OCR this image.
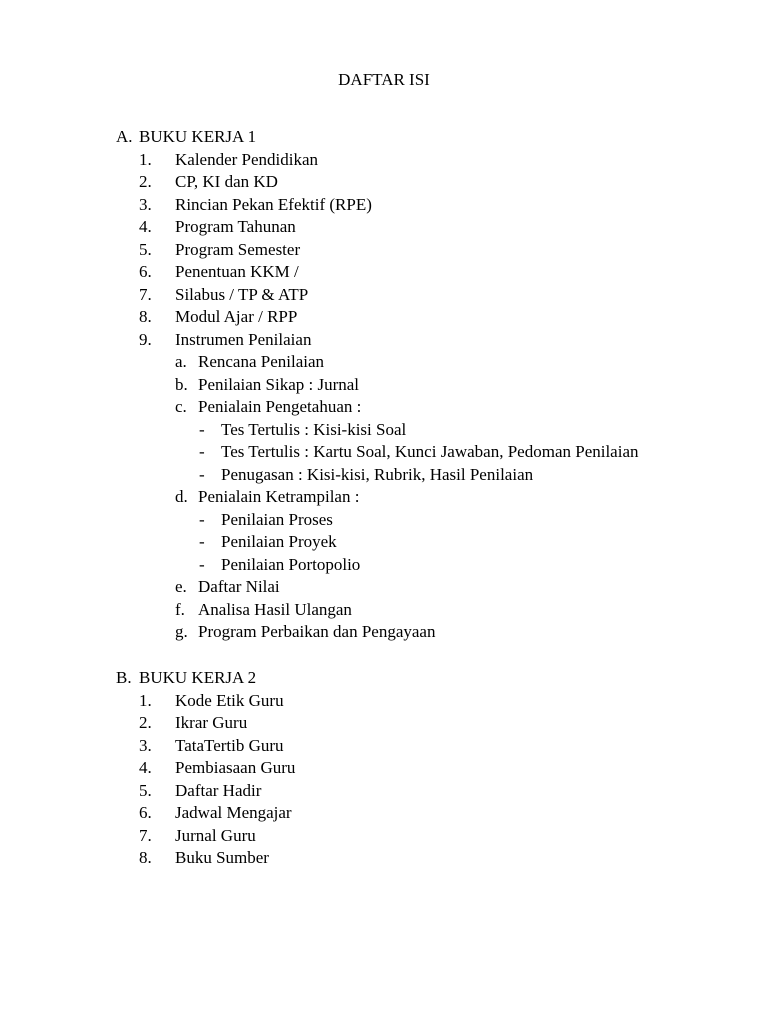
DAFTAR ISI
A. BUKU KERJA 1
1. Kalender Pendidikan
2. CP, KI dan KD
3. Rincian Pekan Efektif (RPE)
4. Program Tahunan
5. Program Semester
6. Penentuan KKM /
7. Silabus / TP & ATP
8. Modul Ajar / RPP
9. Instrumen Penilaian
a. Rencana Penilaian
b. Penilaian Sikap : Jurnal
c. Penialain Pengetahuan :
- Tes Tertulis : Kisi-kisi Soal
- Tes Tertulis : Kartu Soal, Kunci Jawaban, Pedoman Penilaian
- Penugasan : Kisi-kisi, Rubrik, Hasil Penilaian
d. Penialain Ketrampilan :
- Penilaian Proses
- Penilaian Proyek
- Penilaian Portopolio
e. Daftar Nilai
f. Analisa Hasil Ulangan
g. Program Perbaikan dan Pengayaan
B. BUKU KERJA 2
1. Kode Etik Guru
2. Ikrar Guru
3. TataTertib Guru
4. Pembiasaan Guru
5. Daftar Hadir
6. Jadwal Mengajar
7. Jurnal Guru
8. Buku Sumber
